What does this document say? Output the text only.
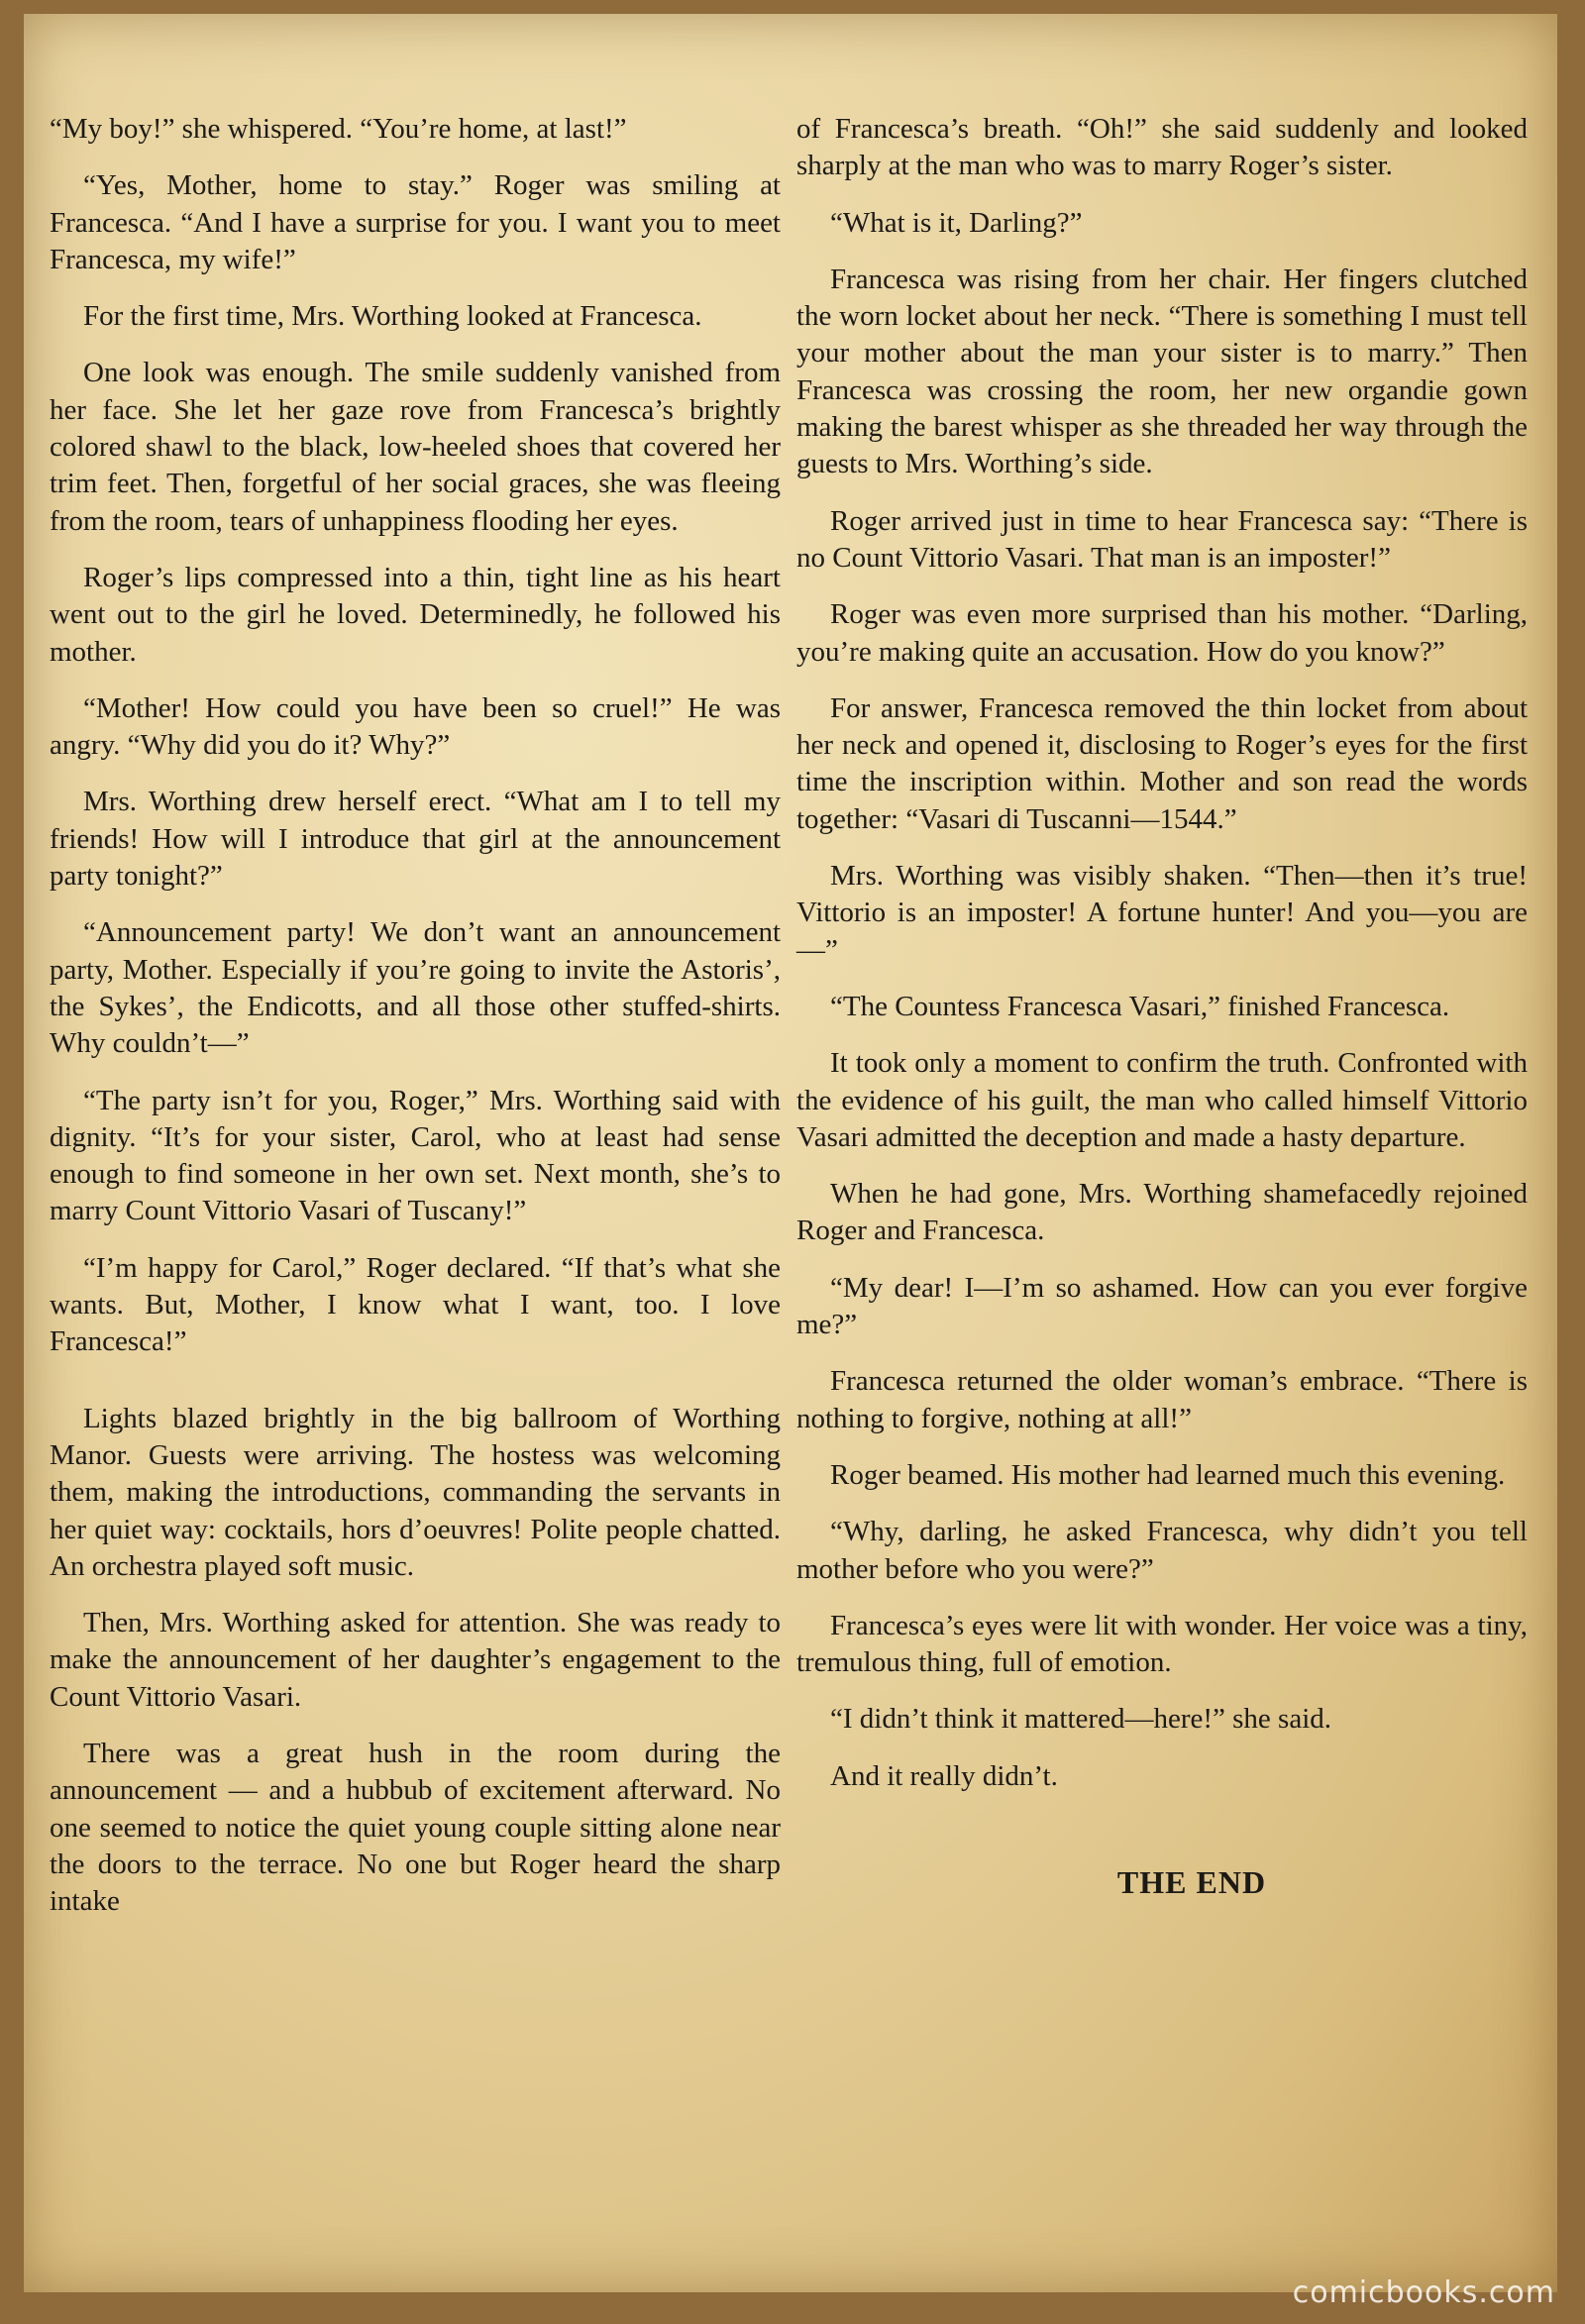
“My boy!” she whispered. “You’re home, at last!”

“Yes, Mother, home to stay.” Roger was smiling at Francesca. “And I have a surprise for you. I want you to meet Francesca, my wife!”

For the first time, Mrs. Worthing looked at Francesca.

One look was enough. The smile suddenly vanished from her face. She let her gaze rove from Francesca’s brightly colored shawl to the black, low-heeled shoes that covered her trim feet. Then, forgetful of her social graces, she was fleeing from the room, tears of unhappiness flooding her eyes.

Roger’s lips compressed into a thin, tight line as his heart went out to the girl he loved. Determinedly, he followed his mother.

“Mother! How could you have been so cruel!” He was angry. “Why did you do it? Why?”

Mrs. Worthing drew herself erect. “What am I to tell my friends! How will I introduce that girl at the announcement party tonight?”

“Announcement party! We don’t want an announcement party, Mother. Especially if you’re going to invite the Astoris’, the Sykes’, the Endicotts, and all those other stuffed-shirts. Why couldn’t—”

“The party isn’t for you, Roger,” Mrs. Worthing said with dignity. “It’s for your sister, Carol, who at least had sense enough to find someone in her own set. Next month, she’s to marry Count Vittorio Vasari of Tuscany!”

“I’m happy for Carol,” Roger declared. “If that’s what she wants. But, Mother, I know what I want, too. I love Francesca!”

Lights blazed brightly in the big ballroom of Worthing Manor. Guests were arriving. The hostess was welcoming them, making the introductions, commanding the servants in her quiet way: cocktails, hors d’oeuvres! Polite people chatted. An orchestra played soft music.

Then, Mrs. Worthing asked for attention. She was ready to make the announcement of her daughter’s engagement to the Count Vittorio Vasari.

There was a great hush in the room during the announcement — and a hubbub of excitement afterward. No one seemed to notice the quiet young couple sitting alone near the doors to the terrace. No one but Roger heard the sharp intake

of Francesca’s breath. “Oh!” she said suddenly and looked sharply at the man who was to marry Roger’s sister.

“What is it, Darling?”

Francesca was rising from her chair. Her fingers clutched the worn locket about her neck. “There is something I must tell your mother about the man your sister is to marry.” Then Francesca was crossing the room, her new organdie gown making the barest whisper as she threaded her way through the guests to Mrs. Worthing’s side.

Roger arrived just in time to hear Francesca say: “There is no Count Vittorio Vasari. That man is an imposter!”

Roger was even more surprised than his mother. “Darling, you’re making quite an accusation. How do you know?”

For answer, Francesca removed the thin locket from about her neck and opened it, disclosing to Roger’s eyes for the first time the inscription within. Mother and son read the words together: “Vasari di Tuscanni—1544.”

Mrs. Worthing was visibly shaken. “Then—then it’s true! Vittorio is an imposter! A fortune hunter! And you—you are—”

“The Countess Francesca Vasari,” finished Francesca.

It took only a moment to confirm the truth. Confronted with the evidence of his guilt, the man who called himself Vittorio Vasari admitted the deception and made a hasty departure.

When he had gone, Mrs. Worthing shamefacedly rejoined Roger and Francesca.

“My dear! I—I’m so ashamed. How can you ever forgive me?”

Francesca returned the older woman’s embrace. “There is nothing to forgive, nothing at all!”

Roger beamed. His mother had learned much this evening.

“Why, darling, he asked Francesca, why didn’t you tell mother before who you were?”

Francesca’s eyes were lit with wonder. Her voice was a tiny, tremulous thing, full of emotion.

“I didn’t think it mattered—here!” she said.

And it really didn’t.

THE END
comicbooks.com
